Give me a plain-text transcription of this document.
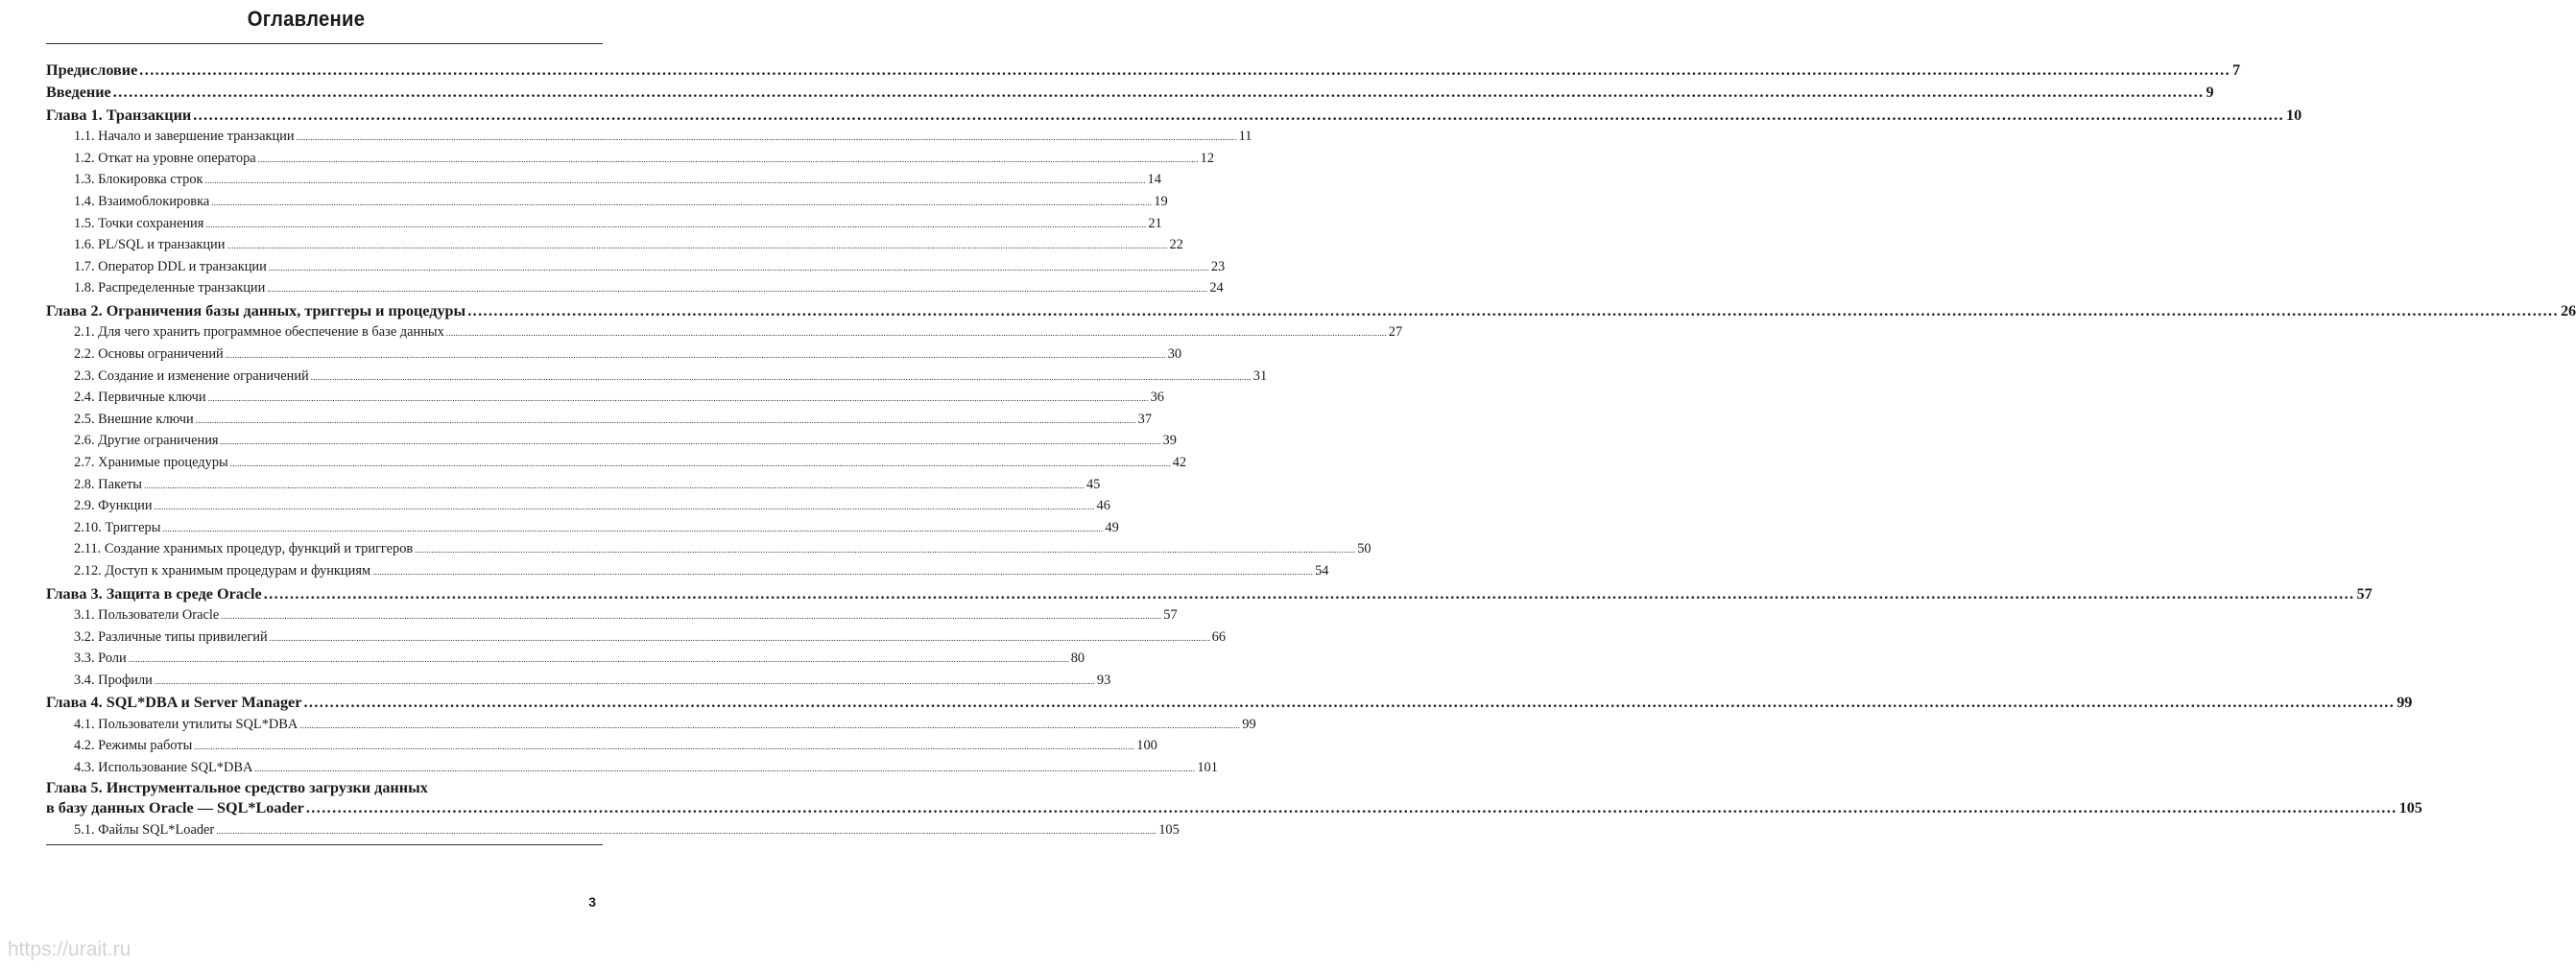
Оглавление
Предисловие ................................................................................................................................................................................................................................................................................................................................................................................................................ 7
Введение ................................................................................................................................................................................................................................................................................................................................................................................................................ 9
Глава 1. Транзакции ................................................................................................................................................................................................................................................................................................................................................................................................................ 10
1.1. Начало и завершение транзакции ................................................................................................................................................................................................................................................................................................................................................................................................................ 11
1.2. Откат на уровне оператора ................................................................................................................................................................................................................................................................................................................................................................................................................ 12
1.3. Блокировка строк ................................................................................................................................................................................................................................................................................................................................................................................................................ 14
1.4. Взаимоблокировка ................................................................................................................................................................................................................................................................................................................................................................................................................ 19
1.5. Точки сохранения ................................................................................................................................................................................................................................................................................................................................................................................................................ 21
1.6. PL/SQL и транзакции ................................................................................................................................................................................................................................................................................................................................................................................................................ 22
1.7. Оператор DDL и транзакции ................................................................................................................................................................................................................................................................................................................................................................................................................ 23
1.8. Распределенные транзакции ................................................................................................................................................................................................................................................................................................................................................................................................................ 24
Глава 2. Ограничения базы данных, триггеры и процедуры ................................................................................................................................................................................................................................................................................................................................................................................................................ 26
2.1. Для чего хранить программное обеспечение в базе данных ................................................................................................................................................................................................................................................................................................................................................................................................................ 27
2.2. Основы ограничений ................................................................................................................................................................................................................................................................................................................................................................................................................ 30
2.3. Создание и изменение ограничений ................................................................................................................................................................................................................................................................................................................................................................................................................ 31
2.4. Первичные ключи ................................................................................................................................................................................................................................................................................................................................................................................................................ 36
2.5. Внешние ключи ................................................................................................................................................................................................................................................................................................................................................................................................................ 37
2.6. Другие ограничения ................................................................................................................................................................................................................................................................................................................................................................................................................ 39
2.7. Хранимые процедуры ................................................................................................................................................................................................................................................................................................................................................................................................................ 42
2.8. Пакеты ................................................................................................................................................................................................................................................................................................................................................................................................................ 45
2.9. Функции ................................................................................................................................................................................................................................................................................................................................................................................................................ 46
2.10. Триггеры ................................................................................................................................................................................................................................................................................................................................................................................................................ 49
2.11. Создание хранимых процедур, функций и триггеров ................................................................................................................................................................................................................................................................................................................................................................................................................ 50
2.12. Доступ к хранимым процедурам и функциям ................................................................................................................................................................................................................................................................................................................................................................................................................ 54
Глава 3. Защита в среде Oracle ................................................................................................................................................................................................................................................................................................................................................................................................................ 57
3.1. Пользователи Oracle ................................................................................................................................................................................................................................................................................................................................................................................................................ 57
3.2. Различные типы привилегий ................................................................................................................................................................................................................................................................................................................................................................................................................ 66
3.3. Роли ................................................................................................................................................................................................................................................................................................................................................................................................................ 80
3.4. Профили ................................................................................................................................................................................................................................................................................................................................................................................................................ 93
Глава 4. SQL*DBA и Server Manager ................................................................................................................................................................................................................................................................................................................................................................................................................ 99
4.1. Пользователи утилиты SQL*DBA ................................................................................................................................................................................................................................................................................................................................................................................................................ 99
4.2. Режимы работы ................................................................................................................................................................................................................................................................................................................................................................................................................ 100
4.3. Использование SQL*DBA ................................................................................................................................................................................................................................................................................................................................................................................................................ 101
Глава 5. Инструментальное средство загрузки данных
в базу данных Oracle — SQL*Loader ................................................................................................................................................................................................................................................................................................................................................................................................................ 105
5.1. Файлы SQL*Loader ................................................................................................................................................................................................................................................................................................................................................................................................................ 105
3
https://urait.ru
